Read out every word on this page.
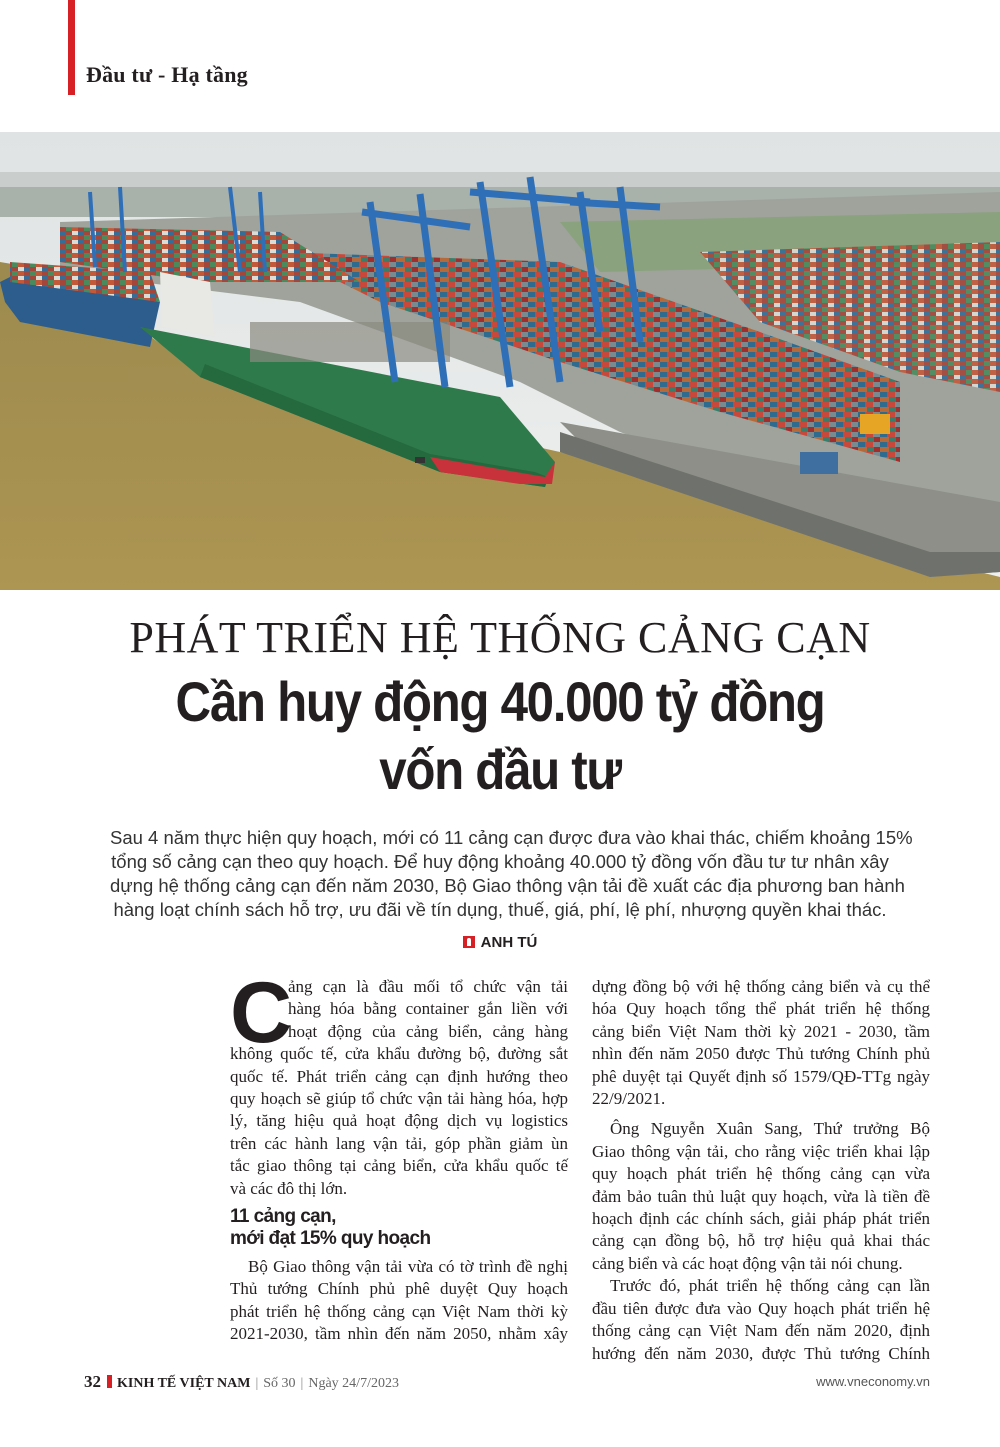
Đầu tư - Hạ tầng
PHÁT TRIỂN HỆ THỐNG CẢNG CẠN
Cần huy động 40.000 tỷ đồng
vốn đầu tư
Sau 4 năm thực hiện quy hoạch, mới có 11 cảng cạn được đưa vào khai thác, chiếm khoảng 15%
tổng số cảng cạn theo quy hoạch. Để huy động khoảng 40.000 tỷ đồng vốn đầu tư tư nhân xây
dựng hệ thống cảng cạn đến năm 2030, Bộ Giao thông vận tải đề xuất các địa phương ban hành
hàng loạt chính sách hỗ trợ, ưu đãi về tín dụng, thuế, giá, phí, lệ phí, nhượng quyền khai thác.
ANH TÚ
C
ảng cạn là đầu mối tổ chức vận tải
hàng hóa bằng container gắn liền với
hoạt động của cảng biển, cảng hàng
không quốc tế, cửa khẩu đường bộ, đường sắt
quốc tế. Phát triển cảng cạn định hướng theo
quy hoạch sẽ giúp tổ chức vận tải hàng hóa, hợp
lý, tăng hiệu quả hoạt động dịch vụ logistics
trên các hành lang vận tải, góp phần giảm ùn
tắc giao thông tại cảng biển, cửa khẩu quốc tế
và các đô thị lớn.
11 cảng cạn,
mới đạt 15% quy hoạch
Bộ Giao thông vận tải vừa có tờ trình đề nghị
Thủ tướng Chính phủ phê duyệt Quy hoạch
phát triển hệ thống cảng cạn Việt Nam thời kỳ
2021-2030, tầm nhìn đến năm 2050, nhằm xây
dựng đồng bộ với hệ thống cảng biển và cụ thể
hóa Quy hoạch tổng thể phát triển hệ thống
cảng biển Việt Nam thời kỳ 2021 - 2030, tầm
nhìn đến năm 2050 được Thủ tướng Chính phủ
phê duyệt tại Quyết định số 1579/QĐ-TTg ngày
22/9/2021.
Ông Nguyễn Xuân Sang, Thứ trưởng Bộ
Giao thông vận tải, cho rằng việc triển khai lập
quy hoạch phát triển hệ thống cảng cạn vừa
đảm bảo tuân thủ luật quy hoạch, vừa là tiền đề
hoạch định các chính sách, giải pháp phát triển
cảng cạn đồng bộ, hỗ trợ hiệu quả khai thác
cảng biển và các hoạt động vận tải nói chung.
Trước đó, phát triển hệ thống cảng cạn lần
đầu tiên được đưa vào Quy hoạch phát triển hệ
thống cảng cạn Việt Nam đến năm 2020, định
hướng đến năm 2030, được Thủ tướng Chính
32 KINH TẾ VIỆT NAM | Số 30 | Ngày 24/7/2023	www.vneconomy.vn
